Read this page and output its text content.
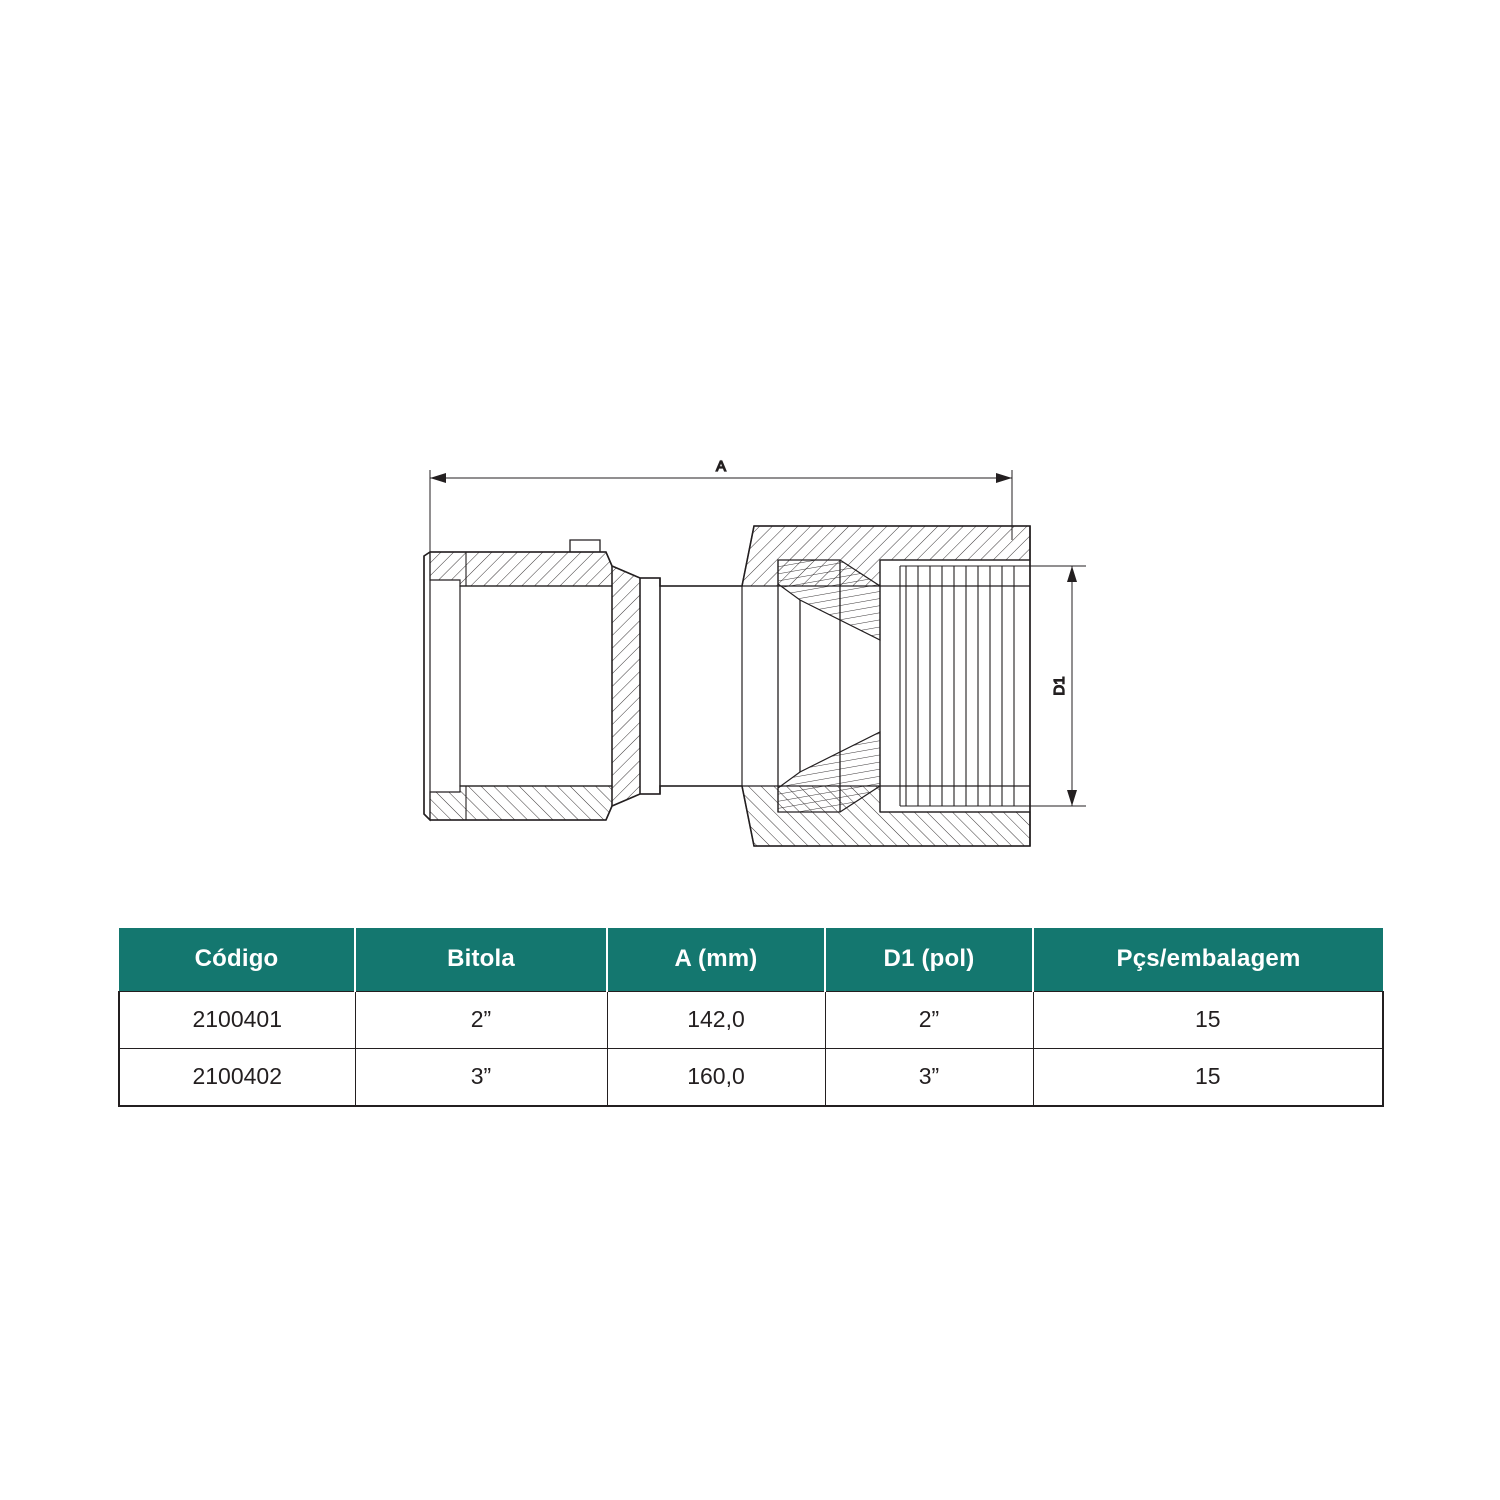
A
D1
Código	Bitola	A (mm)	D1 (pol)	Pçs/embalagem
2100401	2”	142,0	2”	15
2100402	3”	160,0	3”	15
